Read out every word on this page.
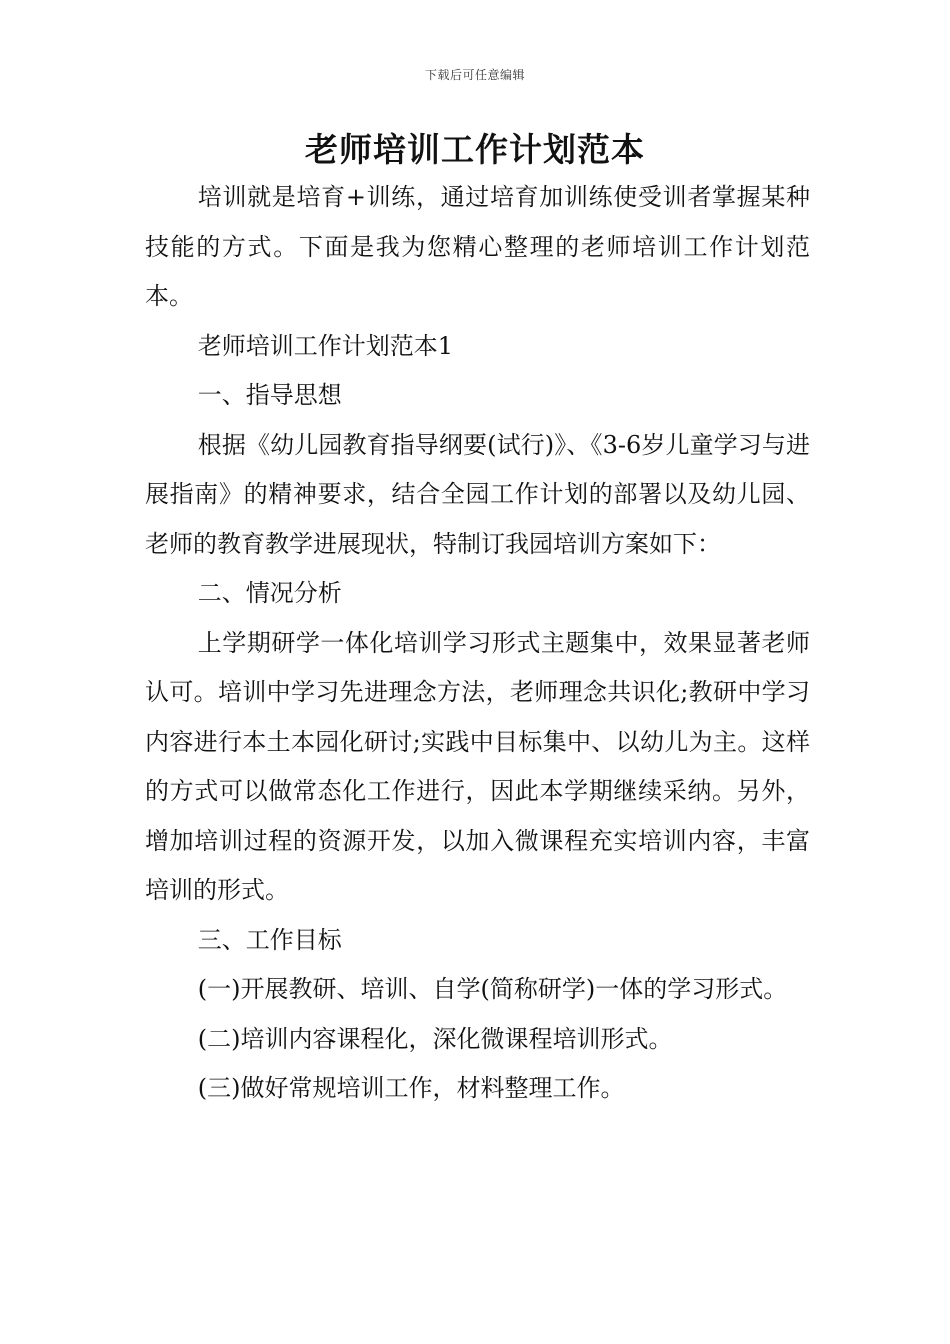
下载后可任意编辑
老师培训工作计划范本

培训就是培育+训练，通过培育加训练使受训者掌握某种技能的方式。下面是我为您精心整理的老师培训工作计划范本。

老师培训工作计划范本1

一、指导思想

根据《幼儿园教育指导纲要(试行)》、《3-6岁儿童学习与进展指南》的精神要求，结合全园工作计划的部署以及幼儿园、老师的教育教学进展现状，特制订我园培训方案如下：

二、情况分析

上学期研学一体化培训学习形式主题集中，效果显著老师认可。培训中学习先进理念方法，老师理念共识化;教研中学习内容进行本土本园化研讨;实践中目标集中、以幼儿为主。这样的方式可以做常态化工作进行，因此本学期继续采纳。另外，增加培训过程的资源开发，以加入微课程充实培训内容，丰富培训的形式。

三、工作目标

(一)开展教研、培训、自学(简称研学)一体的学习形式。

(二)培训内容课程化，深化微课程培训形式。

(三)做好常规培训工作，材料整理工作。
